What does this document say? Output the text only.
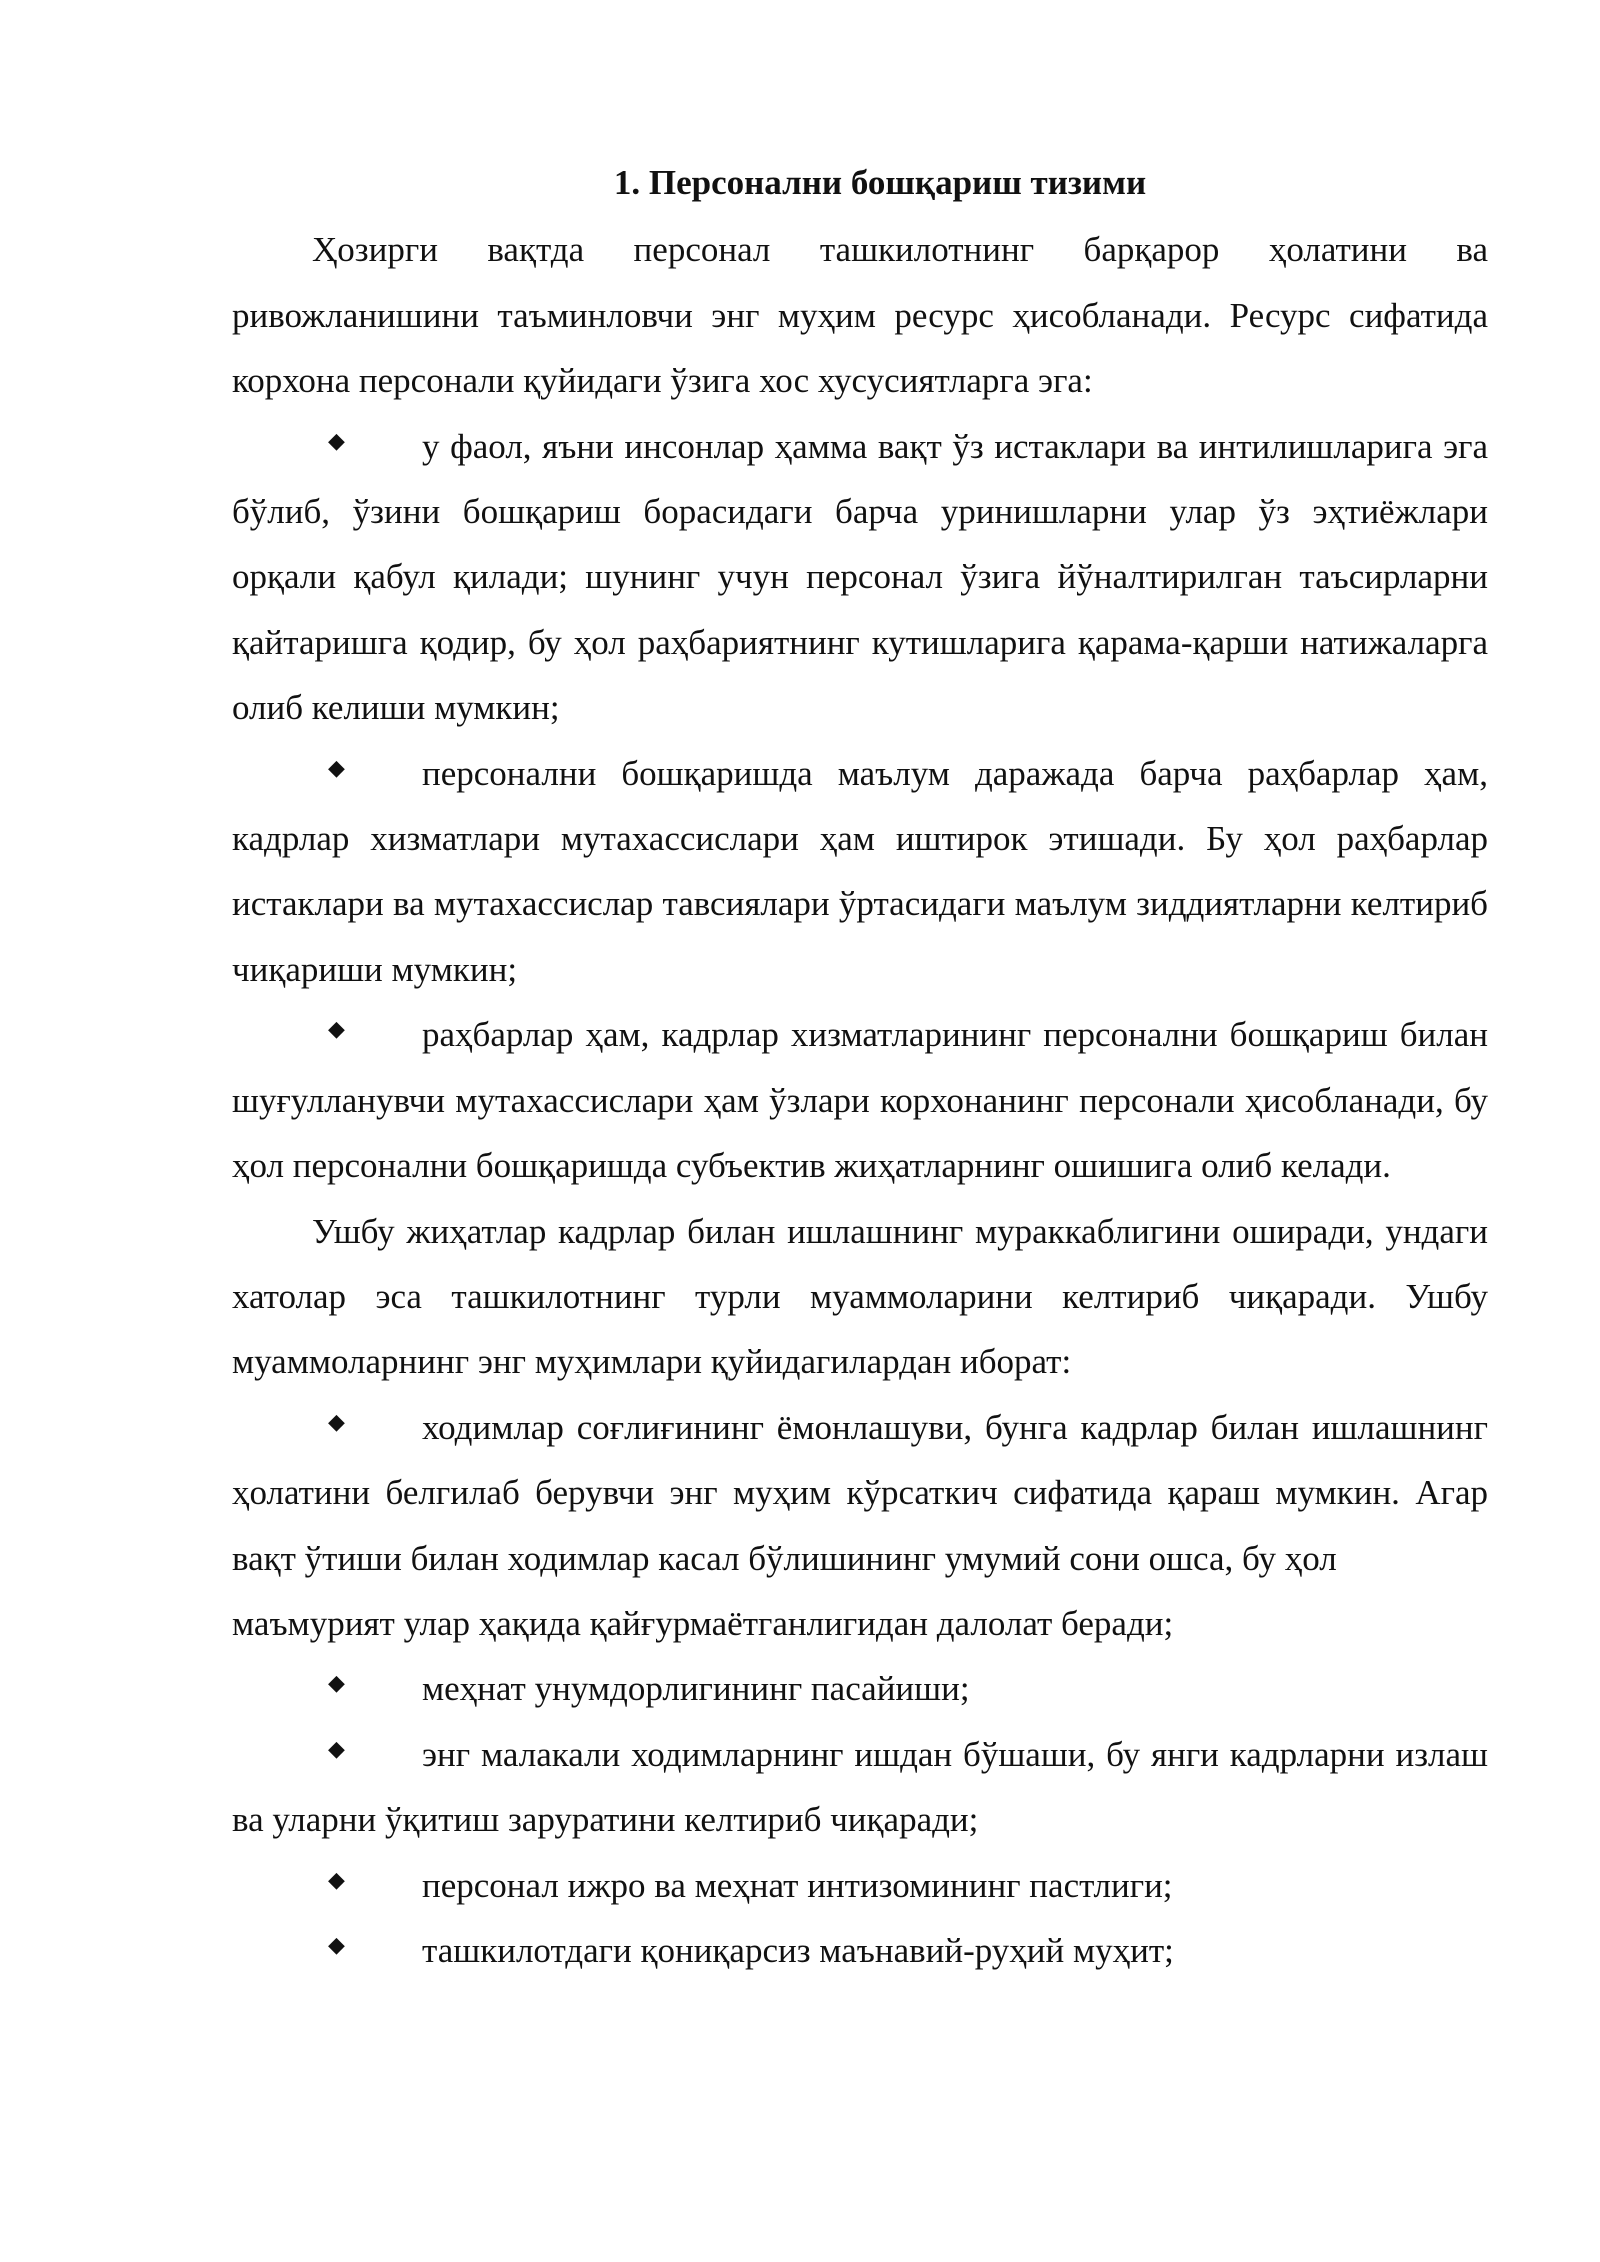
1. Персонални бошқариш тизими

Ҳозирги вақтда персонал ташкилотнинг барқарор ҳолатини ва ривожланишини таъминловчи энг муҳим ресурс ҳисобланади. Ресурс сифатида корхона персонали қуйидаги ўзига хос хусусиятларга эга:

◆ у фаол, яъни инсонлар ҳамма вақт ўз истаклари ва интилишларига эга бўлиб, ўзини бошқариш борасидаги барча уринишларни улар ўз эҳтиёжлари орқали қабул қилади; шунинг учун персонал ўзига йўналтирилган таъсирларни қайтаришга қодир, бу ҳол раҳбариятнинг кутишларига қарама-қарши натижаларга олиб келиши мумкин;

◆ персонални бошқаришда маълум даражада барча раҳбарлар ҳам, кадрлар хизматлари мутахассислари ҳам иштирок этишади. Бу ҳол раҳбарлар истаклари ва мутахассислар тавсиялари ўртасидаги маълум зиддиятларни келтириб чиқариши мумкин;

◆ раҳбарлар ҳам, кадрлар хизматларининг персонални бошқариш билан шуғулланувчи мутахассислари ҳам ўзлари корхонанинг персонали ҳисобланади, бу ҳол персонални бошқаришда субъектив жиҳатларнинг ошишига олиб келади.

Ушбу жиҳатлар кадрлар билан ишлашнинг мураккаблигини оширади, ундаги хатолар эса ташкилотнинг турли муаммоларини келтириб чиқаради. Ушбу муаммоларнинг энг муҳимлари қуйидагилардан иборат:

◆ ходимлар соғлиғининг ёмонлашуви, бунга кадрлар билан ишлашнинг ҳолатини белгилаб берувчи энг муҳим кўрсаткич сифатида қараш мумкин. Агар вақт ўтиши билан ходимлар касал бўлишининг умумий сони ошса, бу ҳол

маъмурият улар ҳақида қайғурмаётганлигидан далолат беради;

◆ меҳнат унумдорлигининг пасайиши;

◆ энг малакали ходимларнинг ишдан бўшаши, бу янги кадрларни излаш ва уларни ўқитиш заруратини келтириб чиқаради;

◆ персонал ижро ва меҳнат интизомининг пастлиги;

◆ ташкилотдаги қониқарсиз маънавий-руҳий муҳит;
